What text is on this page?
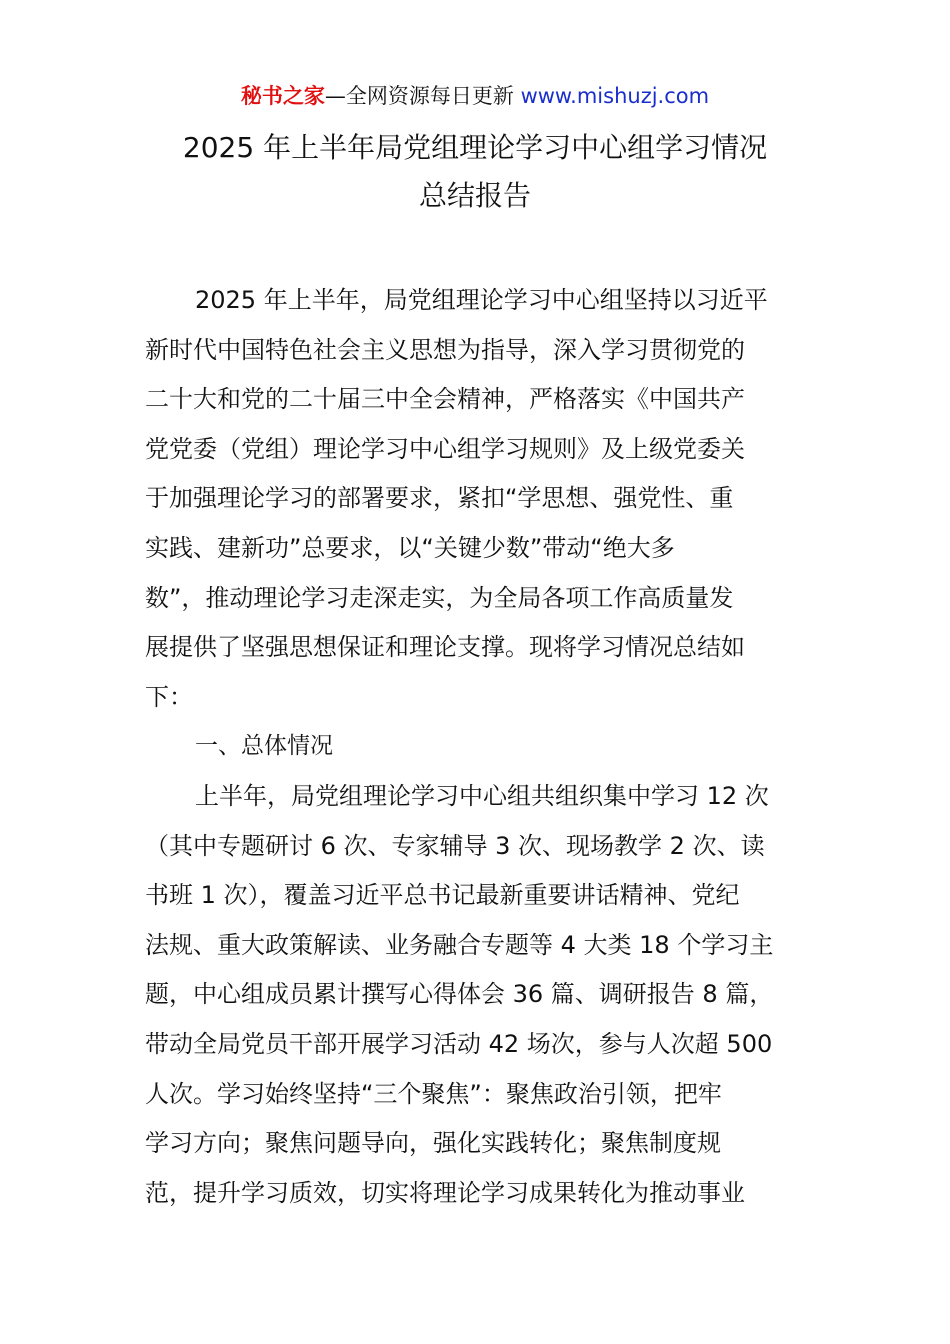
秘书之家—全网资源每日更新 www.mishuzj.com
2025 年上半年局党组理论学习中心组学习情况
总结报告
2025 年上半年，局党组理论学习中心组坚持以习近平
新时代中国特色社会主义思想为指导，深入学习贯彻党的
二十大和党的二十届三中全会精神，严格落实《中国共产
党党委（党组）理论学习中心组学习规则》及上级党委关
于加强理论学习的部署要求，紧扣“学思想、强党性、重
实践、建新功”总要求，以“关键少数”带动“绝大多
数”，推动理论学习走深走实，为全局各项工作高质量发
展提供了坚强思想保证和理论支撑。现将学习情况总结如
下：
一、总体情况
上半年，局党组理论学习中心组共组织集中学习 12 次
（其中专题研讨 6 次、专家辅导 3 次、现场教学 2 次、读
书班 1 次），覆盖习近平总书记最新重要讲话精神、党纪
法规、重大政策解读、业务融合专题等 4 大类 18 个学习主
题，中心组成员累计撰写心得体会 36 篇、调研报告 8 篇，
带动全局党员干部开展学习活动 42 场次，参与人次超 500
人次。学习始终坚持“三个聚焦”：聚焦政治引领，把牢
学习方向；聚焦问题导向，强化实践转化；聚焦制度规
范，提升学习质效，切实将理论学习成果转化为推动事业
